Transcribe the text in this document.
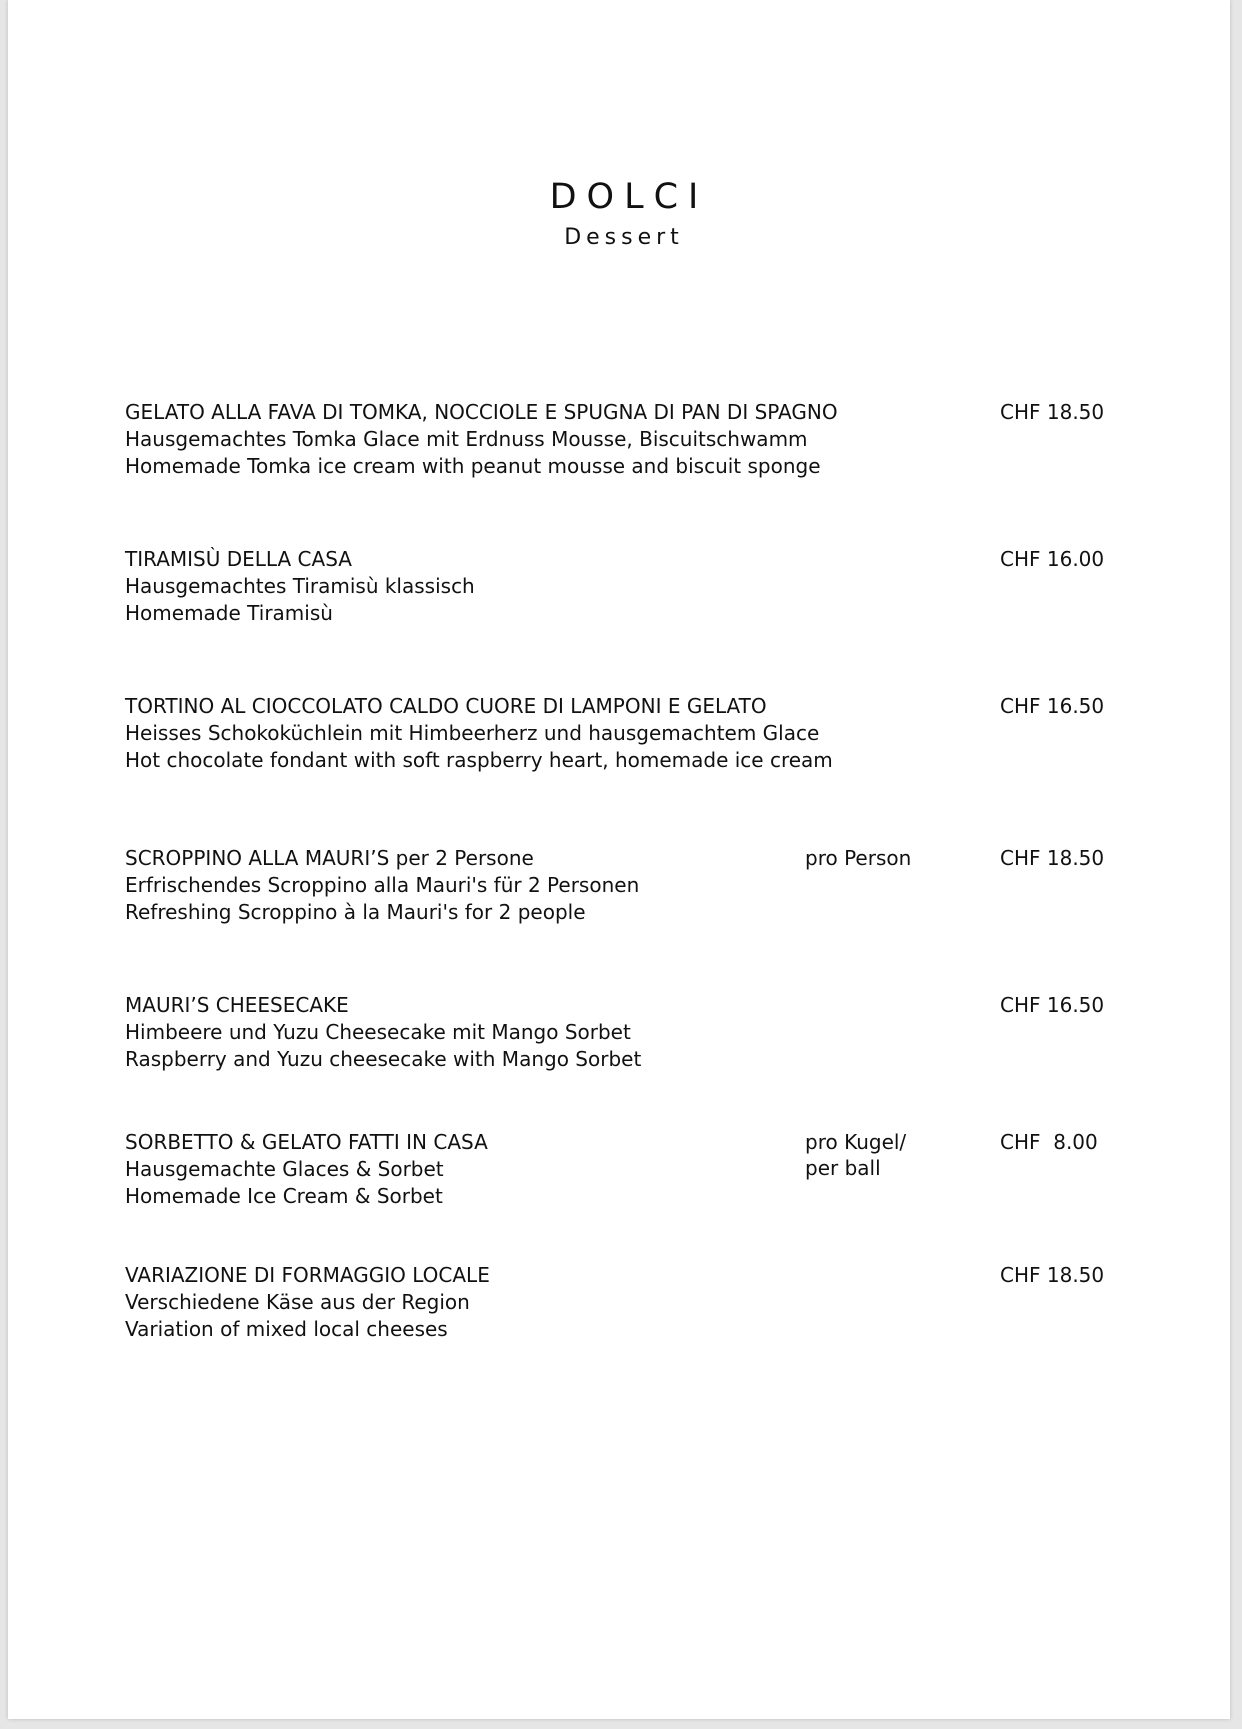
DOLCI
Dessert
GELATO ALLA FAVA DI TOMKA, NOCCIOLE E SPUGNA DI PAN DI SPAGNO
Hausgemachtes Tomka Glace mit Erdnuss Mousse, Biscuitschwamm
Homemade Tomka ice cream with peanut mousse and biscuit sponge
CHF 18.50
TIRAMISÙ DELLA CASA
Hausgemachtes Tiramisù klassisch
Homemade Tiramisù
CHF 16.00
TORTINO AL CIOCCOLATO CALDO CUORE DI LAMPONI E GELATO
Heisses Schokoküchlein mit Himbeerherz und hausgemachtem Glace
Hot chocolate fondant with soft raspberry heart, homemade ice cream
CHF 16.50
SCROPPINO ALLA MAURI’S per 2 Persone
Erfrischendes Scroppino alla Mauri's für 2 Personen
Refreshing Scroppino à la Mauri's for 2 people
pro Person	CHF 18.50
MAURI’S CHEESECAKE
Himbeere und Yuzu Cheesecake mit Mango Sorbet
Raspberry and Yuzu cheesecake with Mango Sorbet
CHF 16.50
SORBETTO & GELATO FATTI IN CASA
Hausgemachte Glaces & Sorbet
Homemade Ice Cream & Sorbet
pro Kugel/
per ball
CHF  8.00
VARIAZIONE DI FORMAGGIO LOCALE
Verschiedene Käse aus der Region
Variation of mixed local cheeses
CHF 18.50
